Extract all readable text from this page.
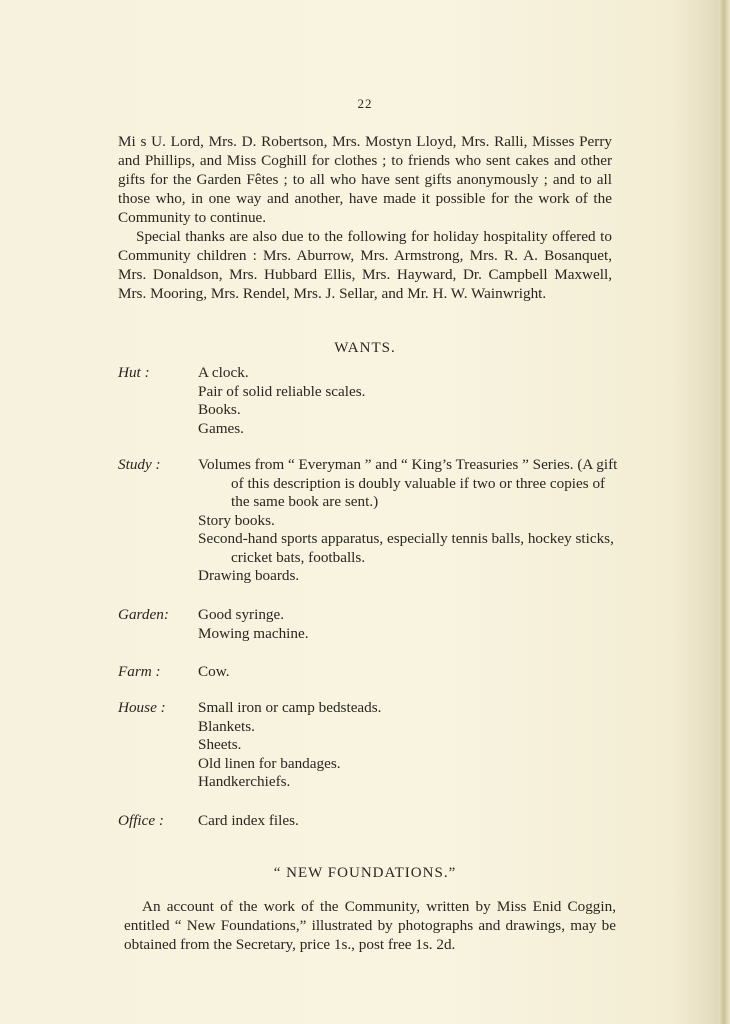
22

Mi s U. Lord, Mrs. D. Robertson, Mrs. Mostyn Lloyd, Mrs. Ralli, Misses Perry and Phillips, and Miss Coghill for clothes ; to friends who sent cakes and other gifts for the Garden Fêtes ; to all who have sent gifts anonymously ; and to all those who, in one way and another, have made it possible for the work of the Community to continue.

Special thanks are also due to the following for holiday hospitality offered to Community children : Mrs. Aburrow, Mrs. Armstrong, Mrs. R. A. Bosanquet, Mrs. Donaldson, Mrs. Hubbard Ellis, Mrs. Hayward, Dr. Campbell Maxwell, Mrs. Mooring, Mrs. Rendel, Mrs. J. Sellar, and Mr. H. W. Wainwright.

WANTS.
Hut :	A clock.
Pair of solid reliable scales.
Books.
Games.
Study : Volumes from “ Everyman ” and “ King’s Treasuries ” Series. (A gift of this description is doubly valuable if two or three copies of the same book are sent.)
Story books.
Second-hand sports apparatus, especially tennis balls, hockey sticks, cricket bats, footballs.
Drawing boards.
Garden: Good syringe.
Mowing machine.
Farm : Cow.
House : Small iron or camp bedsteads.
Blankets.
Sheets.
Old linen for bandages.
Handkerchiefs.
Office : Card index files.
“ NEW FOUNDATIONS.”

An account of the work of the Community, written by Miss Enid Coggin, entitled “ New Foundations,” illustrated by photographs and drawings, may be obtained from the Secretary, price 1s., post free 1s. 2d.
